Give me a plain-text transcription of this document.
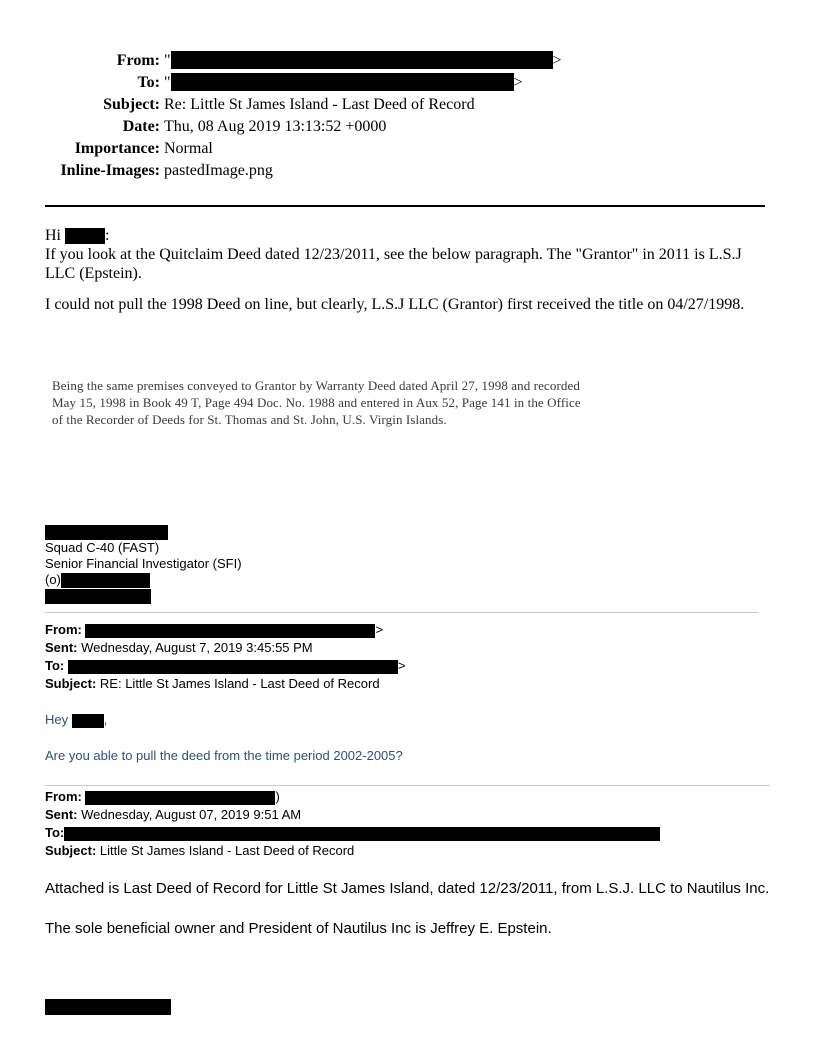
From: "	>
To: "	>
Subject: Re: Little St James Island - Last Deed of Record
Date: Thu, 08 Aug 2019 13:13:52 +0000
Importance: Normal
Inline-Images: pastedImage.png

Hi	:

If you look at the Quitclaim Deed dated 12/23/2011, see the below paragraph. The "Grantor" in 2011 is L.S.J LLC (Epstein).

I could not pull the 1998 Deed on line, but clearly, L.S.J LLC (Grantor) first received the title on 04/27/1998.

Being the same premises conveyed to Grantor by Warranty Deed dated April 27, 1998 and recorded
May 15, 1998 in Book 49 T, Page 494 Doc. No. 1988 and entered in Aux 52, Page 141 in the Office
of the Recorder of Deeds for St. Thomas and St. John, U.S. Virgin Islands.
Squad C-40 (FAST)
Senior Financial Investigator (SFI)
(o)
From:	>
Sent: Wednesday, August 7, 2019 3:45:55 PM
To:	>
Subject: RE: Little St James Island - Last Deed of Record
Hey	,
Are you able to pull the deed from the time period 2002-2005?
From:	)
Sent: Wednesday, August 07, 2019 9:51 AM
To:
Subject: Little St James Island - Last Deed of Record
Attached is Last Deed of Record for Little St James Island, dated 12/23/2011, from L.S.J. LLC to Nautilus Inc.
The sole beneficial owner and President of Nautilus Inc is Jeffrey E. Epstein.
